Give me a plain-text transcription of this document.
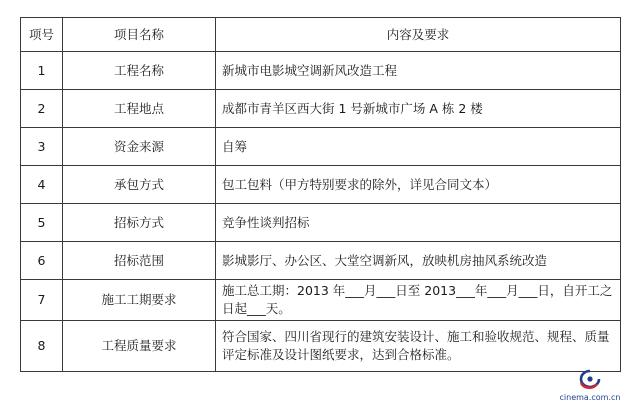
项号	项目名称	内容及要求
1	工程名称	新城市电影城空调新风改造工程
2	工程地点	成都市青羊区西大街 1 号新城市广场 A 栋 2 楼
3	资金来源	自筹
4	承包方式	包工包料（甲方特别要求的除外，详见合同文本）
5	招标方式	竞争性谈判招标
6	招标范围	影城影厅、办公区、大堂空调新风，放映机房抽风系统改造
7	施工工期要求	施工总工期：2013 年___月___日至 2013___年___月___日，自开工之日起___天。
8	工程质量要求	符合国家、四川省现行的建筑安装设计、施工和验收规范、规程、质量评定标准及设计图纸要求，达到合格标准。
cinema.com.cn
